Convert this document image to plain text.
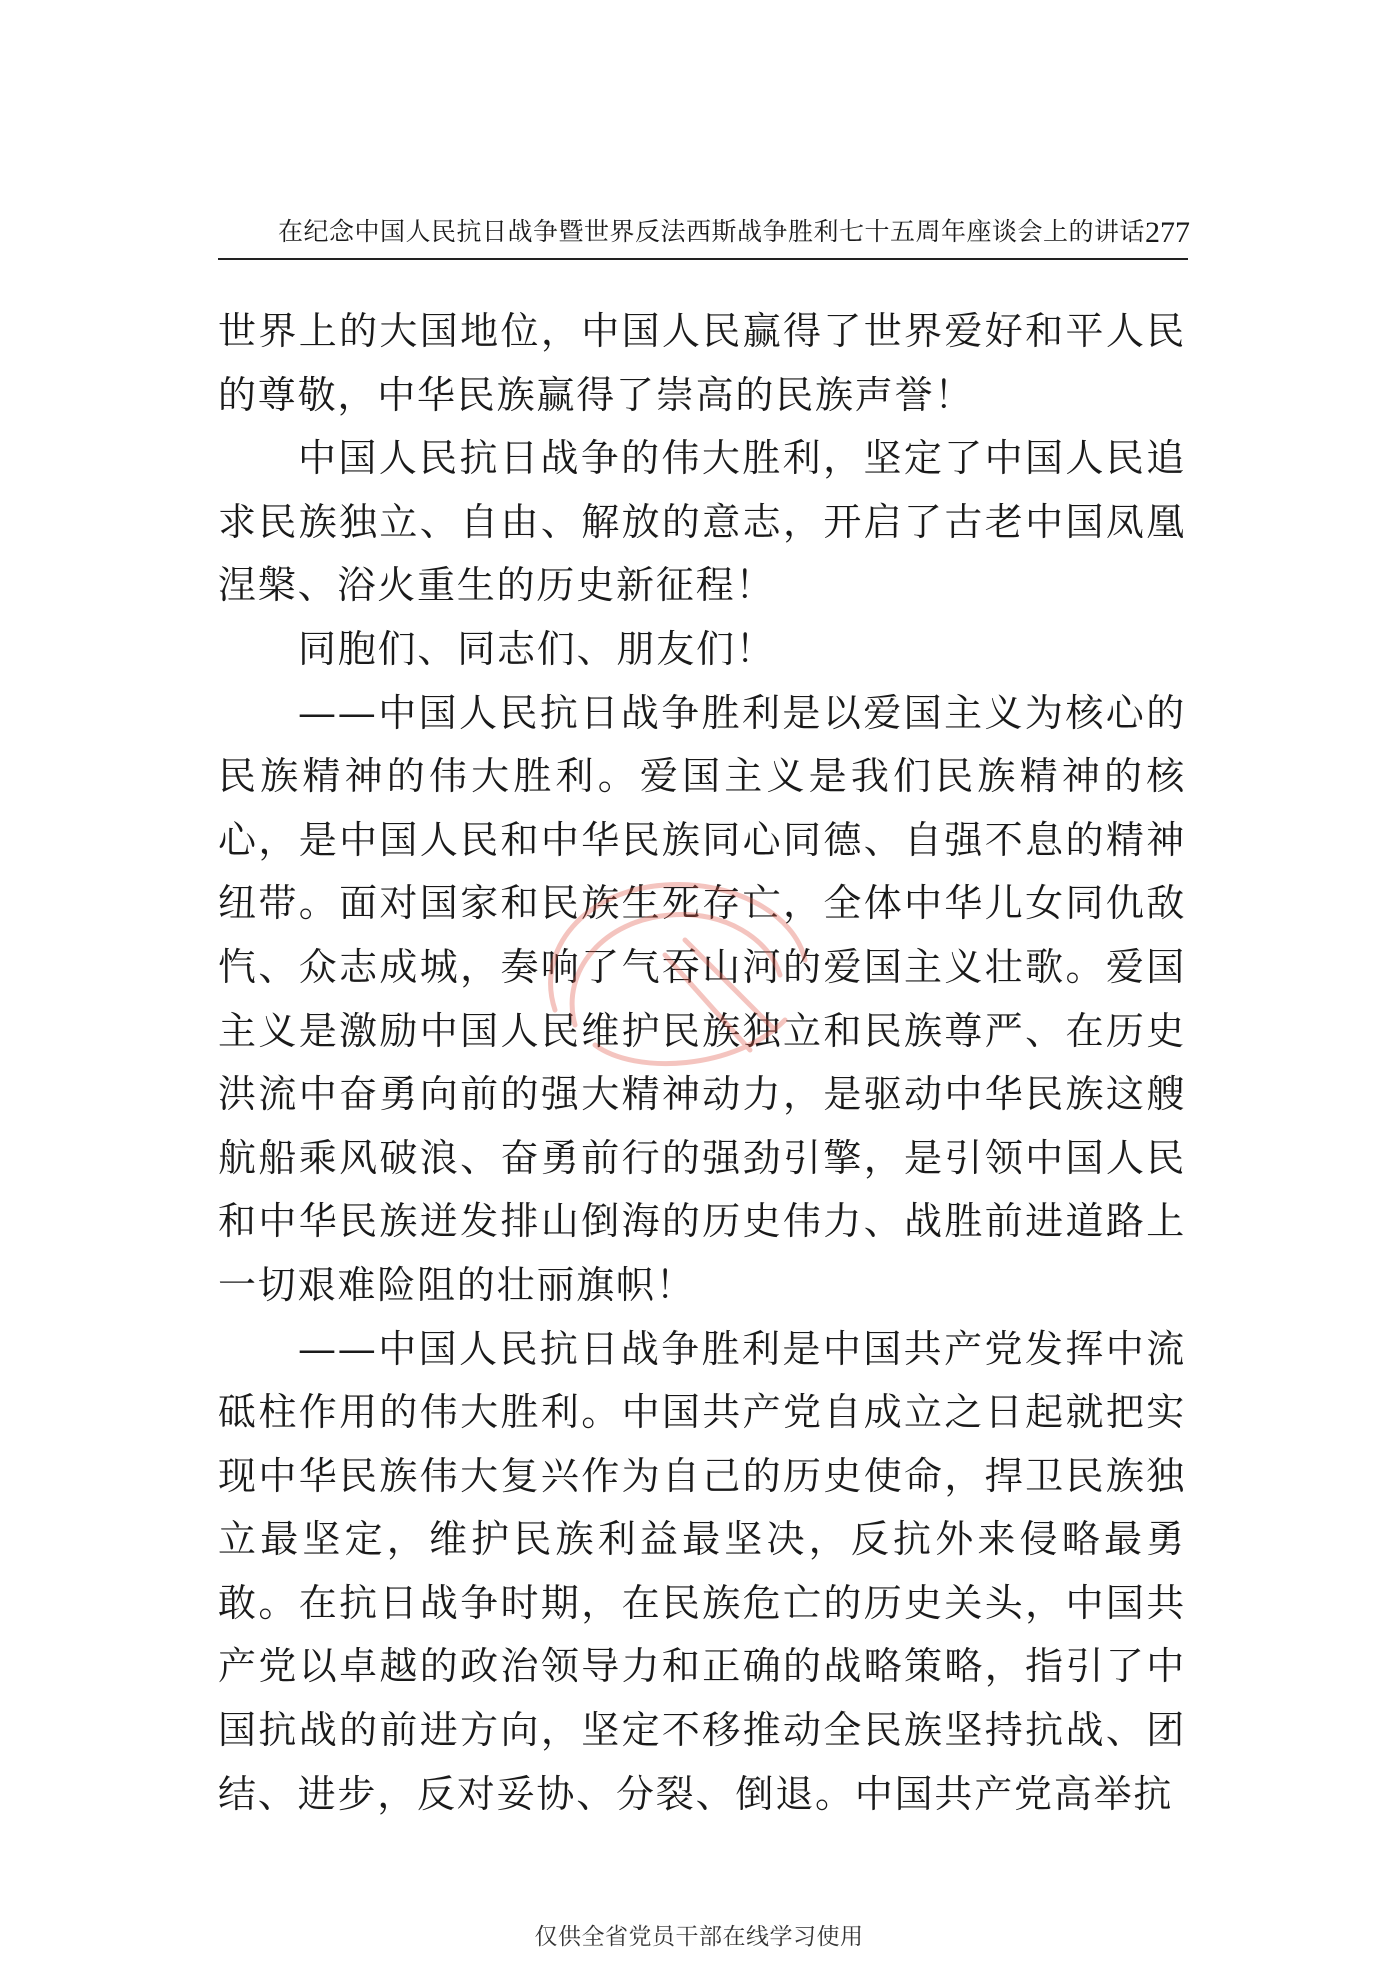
在纪念中国人民抗日战争暨世界反法西斯战争胜利七十五周年座谈会上的讲话 277

世界上的大国地位，中国人民赢得了世界爱好和平人民的尊敬，中华民族赢得了崇高的民族声誉！

中国人民抗日战争的伟大胜利，坚定了中国人民追求民族独立、自由、解放的意志，开启了古老中国凤凰涅槃、浴火重生的历史新征程！

同胞们、同志们、朋友们！

——中国人民抗日战争胜利是以爱国主义为核心的民族精神的伟大胜利。爱国主义是我们民族精神的核心，是中国人民和中华民族同心同德、自强不息的精神纽带。面对国家和民族生死存亡，全体中华儿女同仇敌忾、众志成城，奏响了气吞山河的爱国主义壮歌。爱国主义是激励中国人民维护民族独立和民族尊严、在历史洪流中奋勇向前的强大精神动力，是驱动中华民族这艘航船乘风破浪、奋勇前行的强劲引擎，是引领中国人民和中华民族迸发排山倒海的历史伟力、战胜前进道路上一切艰难险阻的壮丽旗帜！

——中国人民抗日战争胜利是中国共产党发挥中流砥柱作用的伟大胜利。中国共产党自成立之日起就把实现中华民族伟大复兴作为自己的历史使命，捍卫民族独立最坚定，维护民族利益最坚决，反抗外来侵略最勇敢。在抗日战争时期，在民族危亡的历史关头，中国共产党以卓越的政治领导力和正确的战略策略，指引了中国抗战的前进方向，坚定不移推动全民族坚持抗战、团结、进步，反对妥协、分裂、倒退。中国共产党高举抗

仅供全省党员干部在线学习使用
